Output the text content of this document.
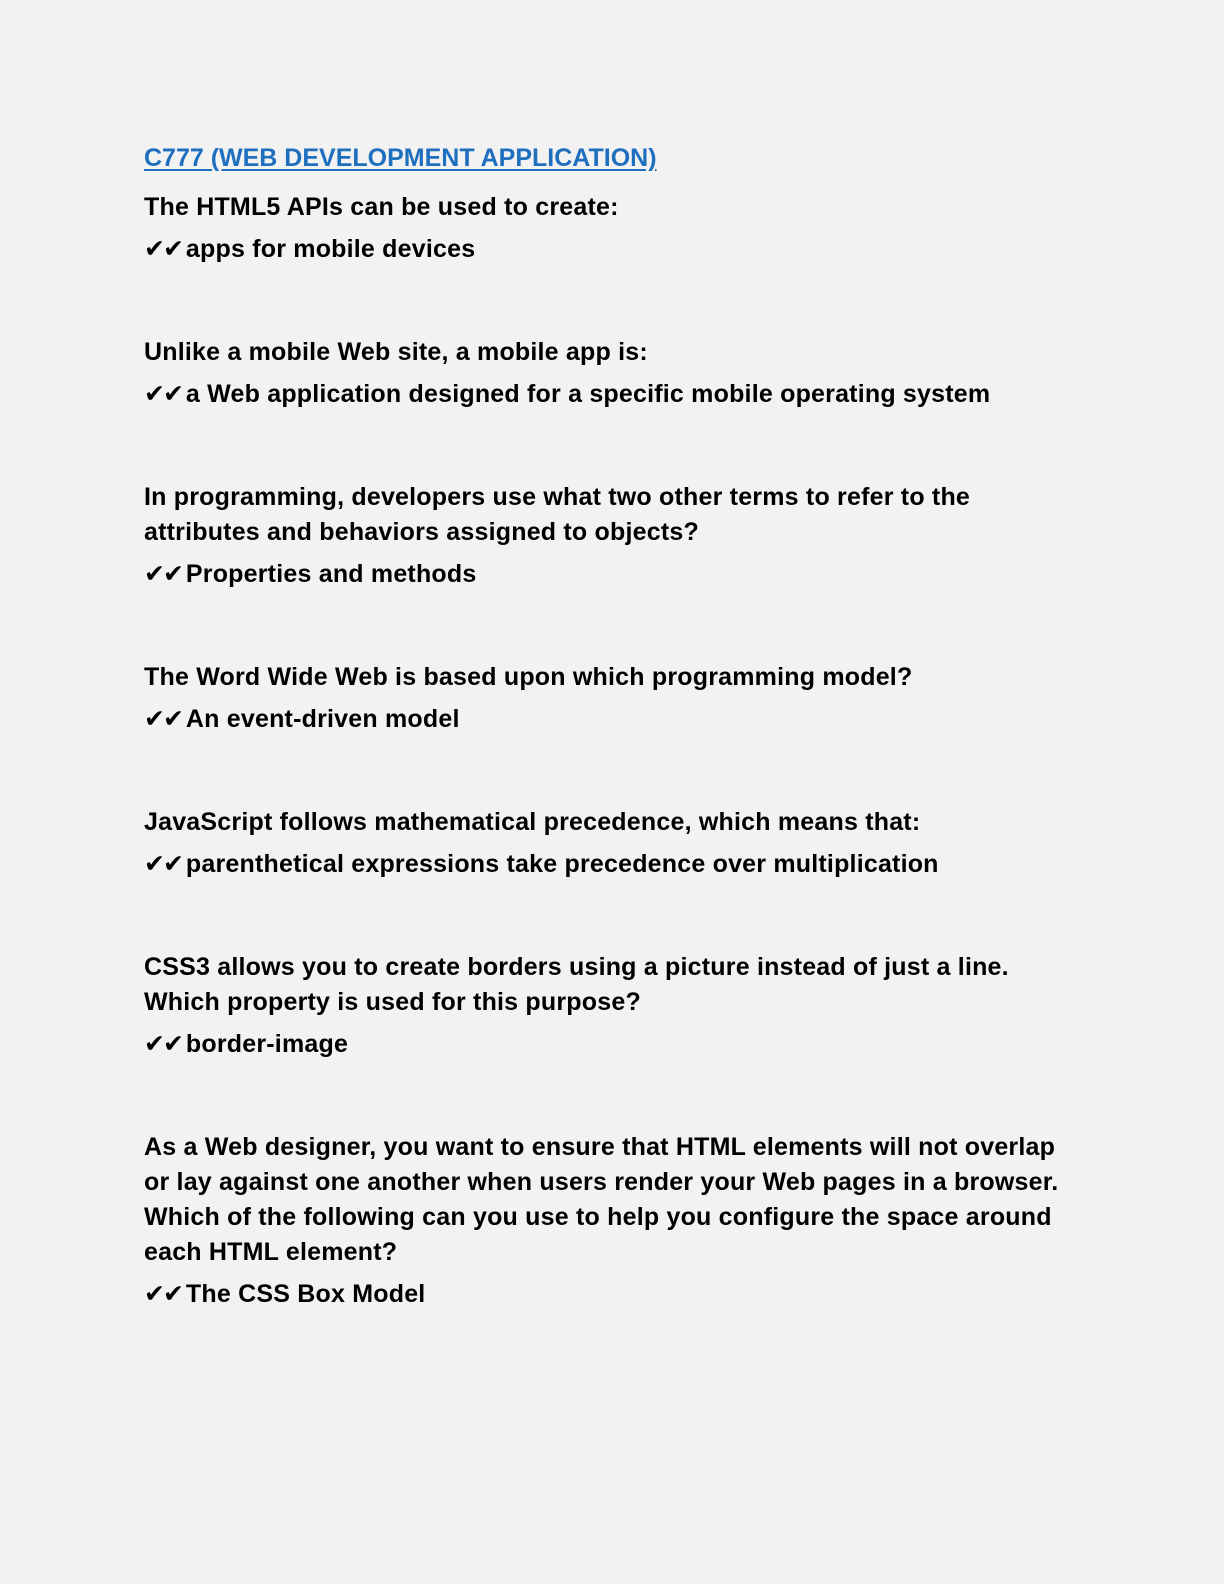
C777 (WEB DEVELOPMENT APPLICATION)

The HTML5 APIs can be used to create:

✔✔ apps for mobile devices

Unlike a mobile Web site, a mobile app is:

✔✔ a Web application designed for a specific mobile operating system

In programming, developers use what two other terms to refer to the attributes and behaviors assigned to objects?

✔✔ Properties and methods

The Word Wide Web is based upon which programming model?

✔✔ An event-driven model

JavaScript follows mathematical precedence, which means that:

✔✔ parenthetical expressions take precedence over multiplication

CSS3 allows you to create borders using a picture instead of just a line. Which property is used for this purpose?

✔✔ border-image

As a Web designer, you want to ensure that HTML elements will not overlap or lay against one another when users render your Web pages in a browser. Which of the following can you use to help you configure the space around each HTML element?

✔✔ The CSS Box Model
